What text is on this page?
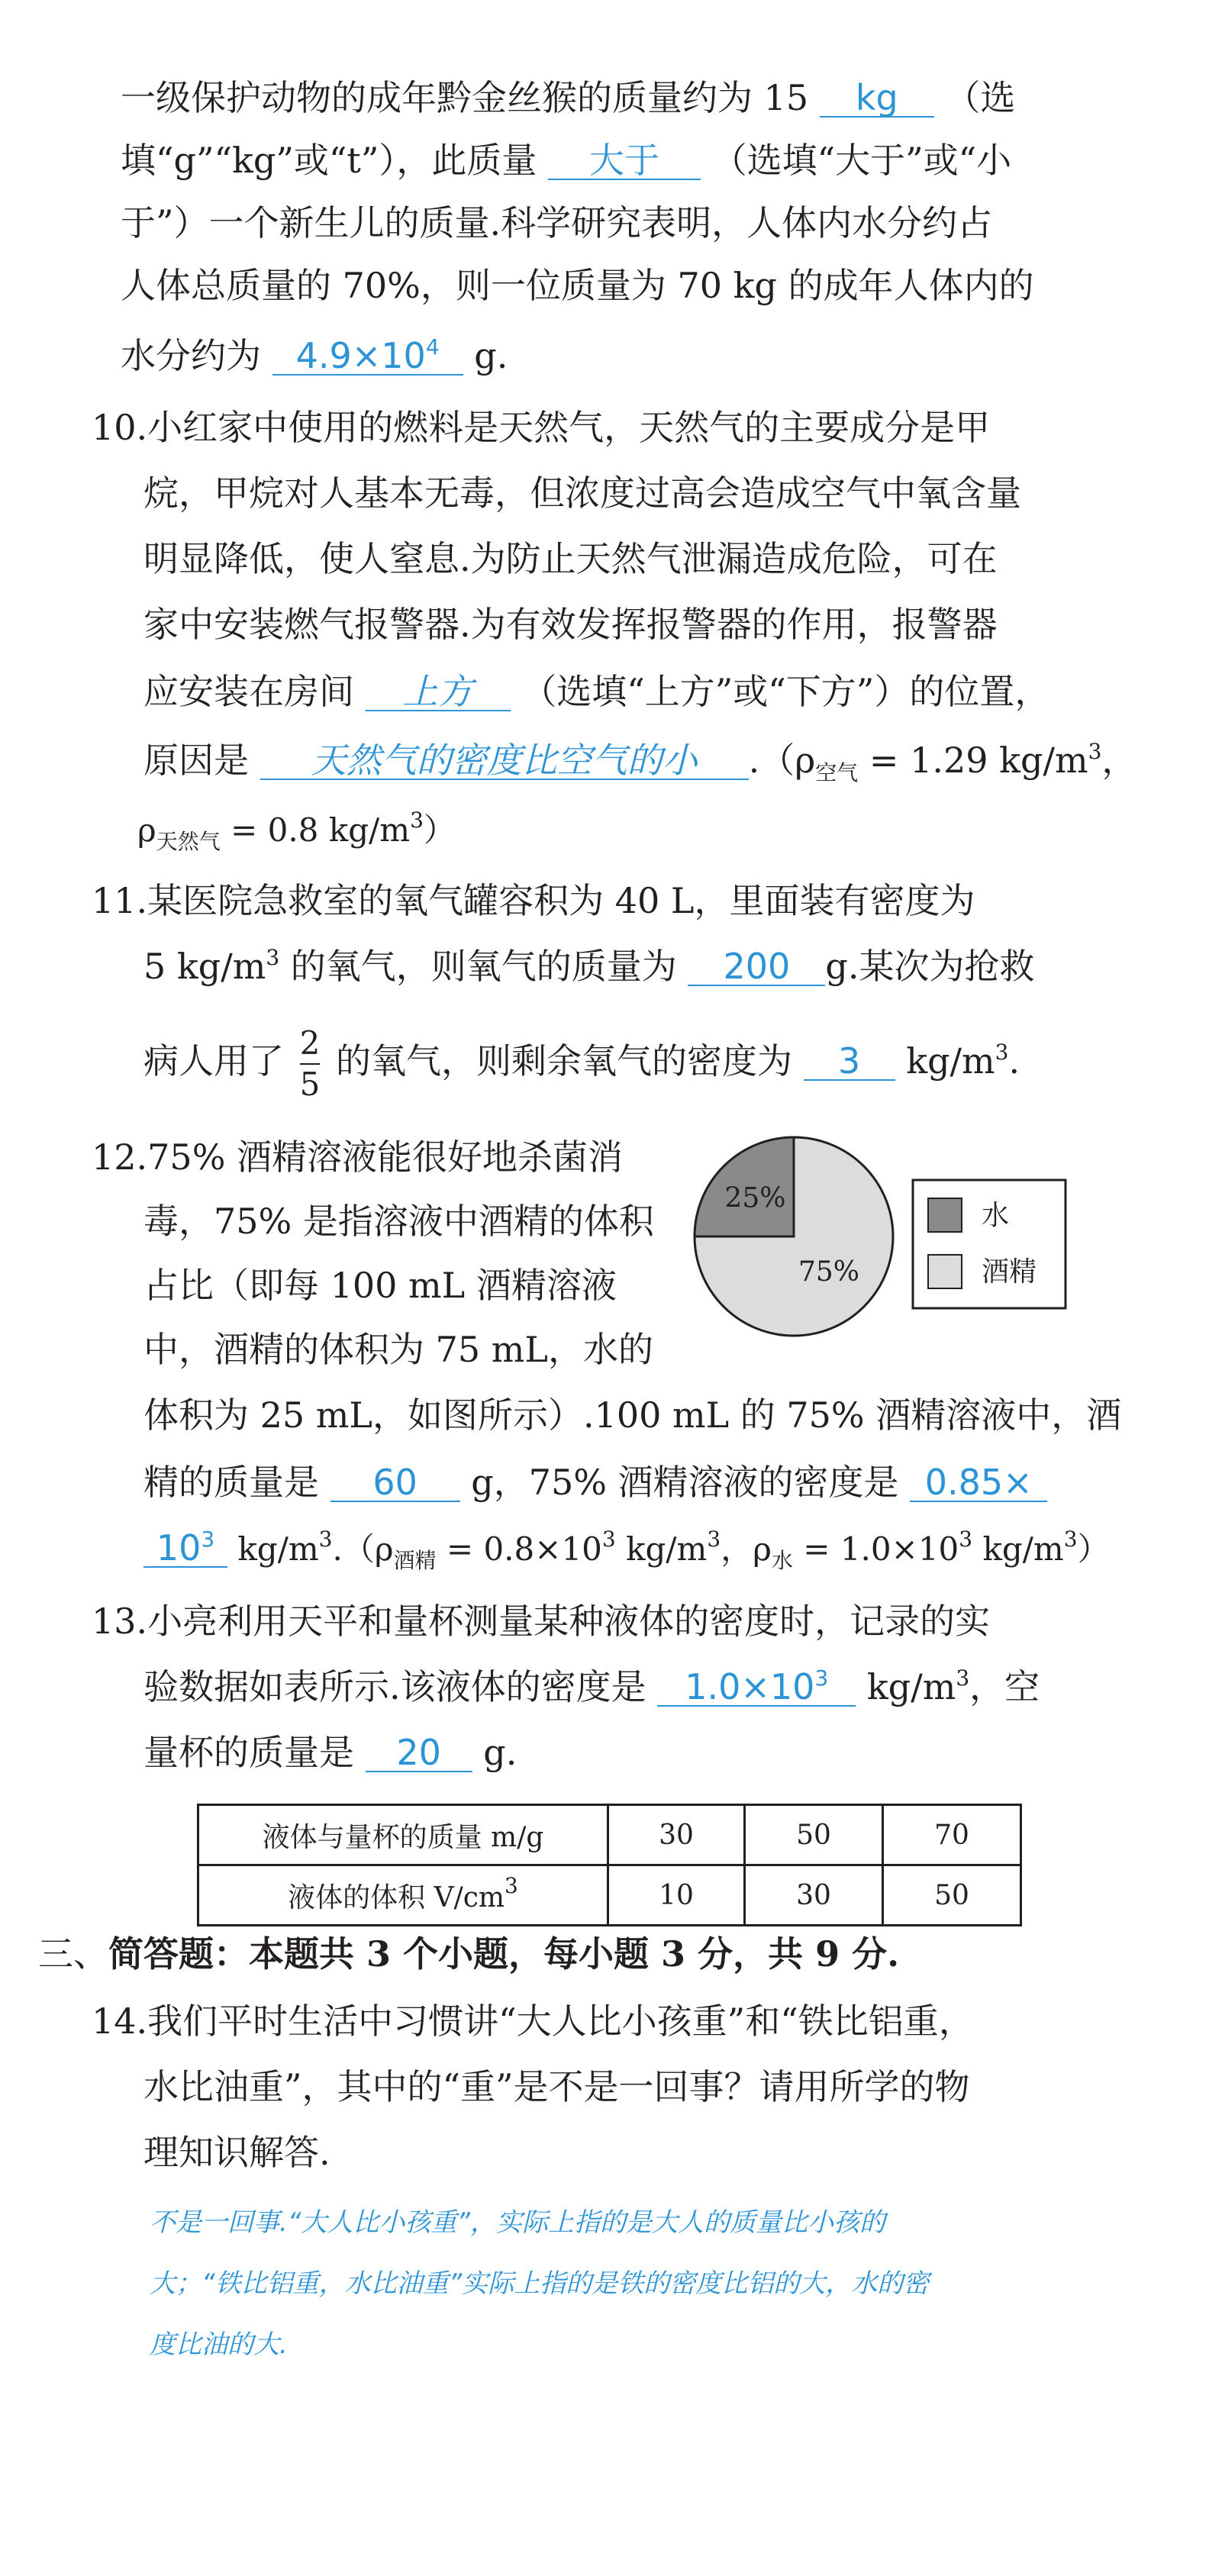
一级保护动物的成年黔金丝猴的质量约为 15 kg （选
填“g”“kg”或“t”），此质量 大于 （选填“大于”或“小
于”）一个新生儿的质量.科学研究表明，人体内水分约占
人体总质量的 70%，则一位质量为 70 kg 的成年人体内的
水分约为 $4.9\times 10^4$ g.
10.小红家中使用的燃料是天然气，天然气的主要成分是甲
烷，甲烷对人基本无毒，但浓度过高会造成空气中氧含量
明显降低，使人窒息.为防止天然气泄漏造成危险，可在
家中安装燃气报警器.为有效发挥报警器的作用，报警器
应安装在房间 上方 （选填“上方”或“下方”）的位置，
原因是 天然气的密度比空气的小 $.(\rho_{空气} = 1.29$ $kg/m^3$，
$\rho_{天然气} = 0.8$ $kg/m^3$）
11.某医院急救室的氧气罐容积为 40 L，里面装有密度为
5 $kg/m^3$ 的氧气，则氧气的质量为 200 g.某次为抢救
病人用了 $\frac{2}{5}$ 的氧气，则剩余氧气的密度为 3 $kg/m^3$.
12.75% 酒精溶液能很好地杀菌消
毒，75% 是指溶液中酒精的体积
占比（即每 100 mL 酒精溶液
中，酒精的体积为 75 mL，水的
25%
75%
水
酒精
体积为 25 mL，如图所示）.100 mL 的 75% 酒精溶液中，酒
精的质量是 60 g，75% 酒精溶液的密度是 0.85×
$10^3$ $kg/m^3.(\rho_{酒精} = 0.8\times 10^3$ $kg/m^3$，$\rho_水 = 1.0\times 10^3$ $kg/m^3$）
13.小亮利用天平和量杯测量某种液体的密度时，记录的实
验数据如表所示.该液体的密度是 $1.0\times 10^3$ $kg/m^3$，空
量杯的质量是 20 g.
液体与量杯的质量 m/g	30	50	70
液体的体积 $V/cm^3$	10	30	50
三、简答题：本题共 3 个小题，每小题 3 分，共 9 分.
14.我们平时生活中习惯讲“大人比小孩重”和“铁比铝重，
水比油重”，其中的“重”是不是一回事？请用所学的物
理知识解答.
不是一回事.“大人比小孩重”，实际上指的是大人的质量比小孩的
大；“铁比铝重，水比油重”实际上指的是铁的密度比铝的大，水的密
度比油的大.
